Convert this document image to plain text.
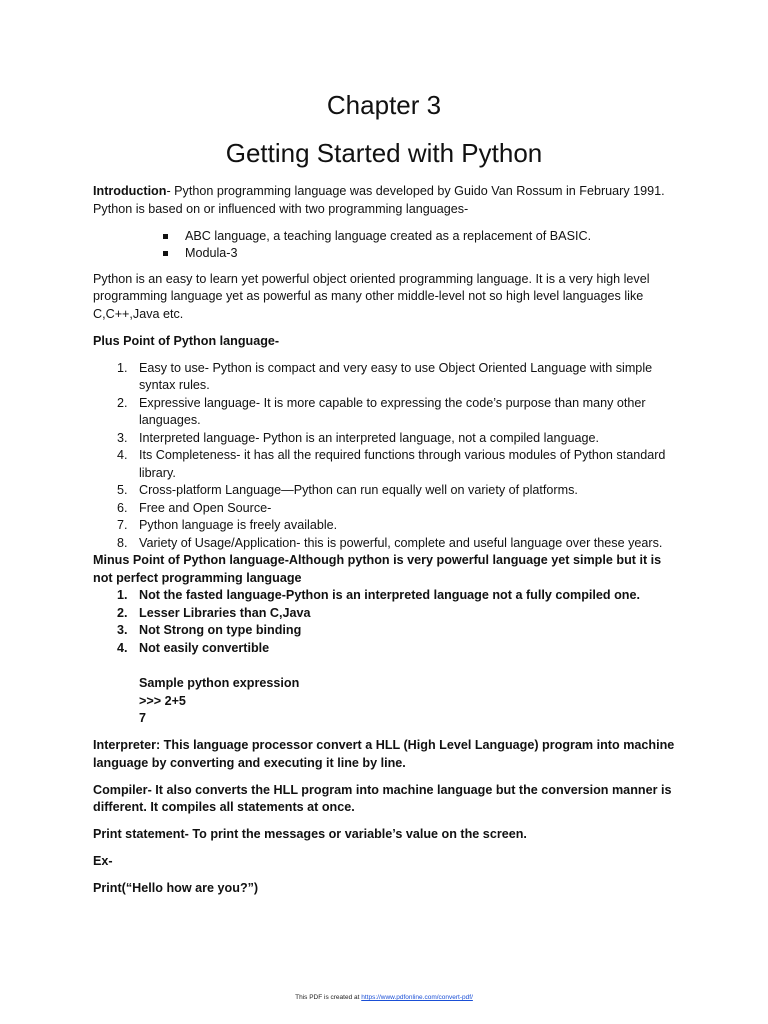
Chapter 3
Getting Started with Python

Introduction- Python programming language was developed by Guido Van Rossum in February 1991. Python is based on or influenced with two programming languages-

ABC language, a teaching language created as a replacement of BASIC.
Modula-3

Python is an easy to learn yet powerful object oriented programming language. It is a very high level programming language yet as powerful as many other middle-level not so high level languages like C,C++,Java etc.

Plus Point of Python language-

1. Easy to use- Python is compact and very easy to use Object Oriented Language with simple syntax rules.
2. Expressive language- It is more capable to expressing the code’s purpose than many other languages.
3. Interpreted language- Python is an interpreted language, not a compiled language.
4. Its Completeness- it has all the required functions through various modules of Python standard library.
5. Cross-platform Language—Python can run equally well on variety of platforms.
6. Free and Open Source-
7. Python language is freely available.
8. Variety of Usage/Application- this is powerful, complete and useful language over these years.

Minus Point of Python language-Although python is very powerful language yet simple but it is not perfect programming language

1. Not the fasted language-Python is an interpreted language not a fully compiled one.
2. Lesser Libraries than C,Java
3. Not Strong on type binding
4. Not easily convertible
Sample python expression
>>> 2+5
7

Interpreter: This language processor convert a HLL (High Level Language) program into machine language by converting and executing it line by line.

Compiler- It also converts the HLL program into machine language but the conversion manner is different. It compiles all statements at once.

Print statement- To print the messages or variable’s value on the screen.

Ex-

Print(“Hello how are you?”)

This PDF is created at https://www.pdfonline.com/convert-pdf/
